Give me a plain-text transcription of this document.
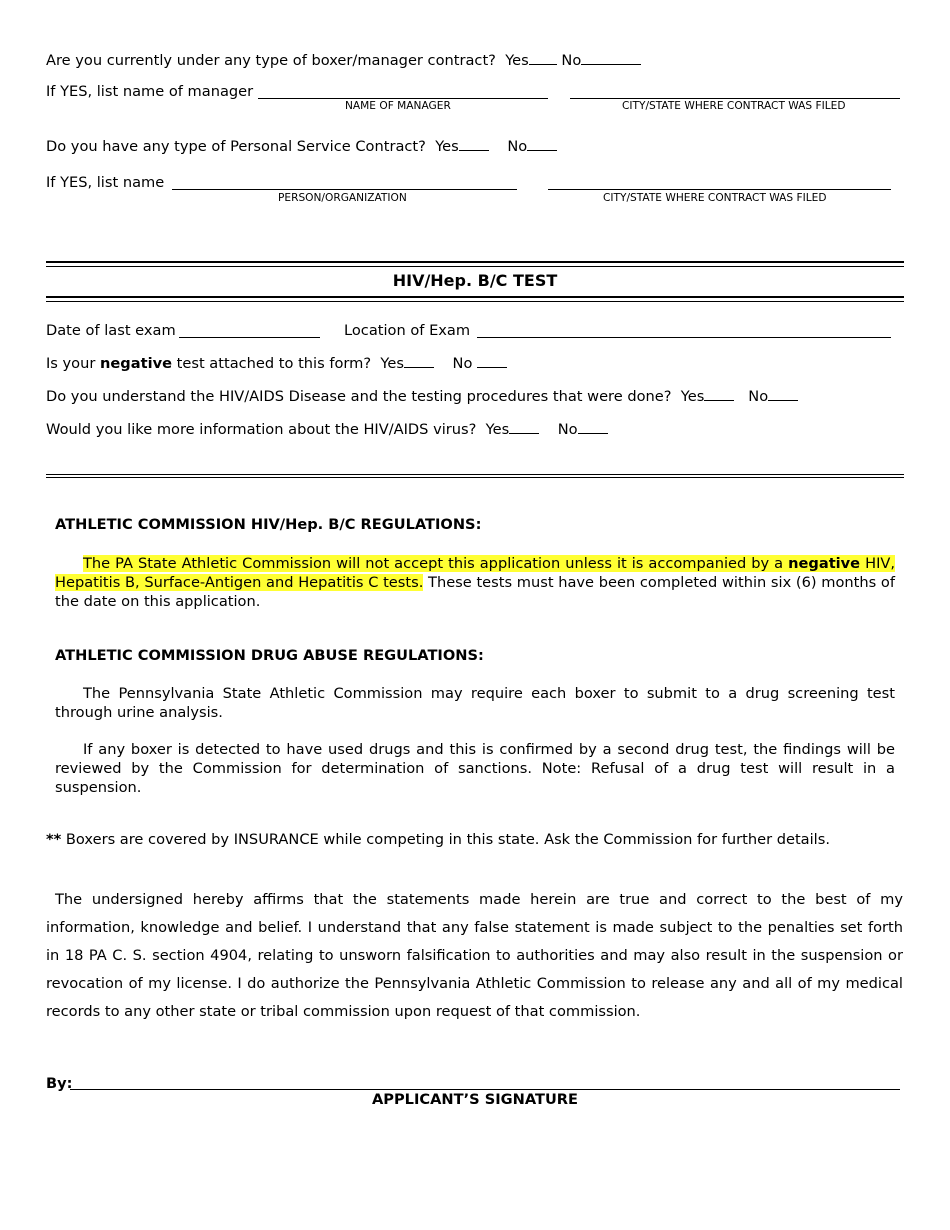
Are you currently under any type of boxer/manager contract? Yes No
If YES, list name of manager
NAME OF MANAGER	CITY/STATE WHERE CONTRACT WAS FILED
Do you have any type of Personal Service Contract? Yes	No
If YES, list name
PERSON/ORGANIZATION	CITY/STATE WHERE CONTRACT WAS FILED
HIV/Hep. B/C TEST
Date of last exam	Location of Exam
Is your negative test attached to this form? Yes	No
Do you understand the HIV/AIDS Disease and the testing procedures that were done? Yes	No
Would you like more information about the HIV/AIDS virus? Yes	No
ATHLETIC COMMISSION HIV/Hep. B/C REGULATIONS:
The PA State Athletic Commission will not accept this application unless it is accompanied by a negative HIV, Hepatitis B, Surface-Antigen and Hepatitis C tests. These tests must have been completed within six (6) months of the date on this application.
ATHLETIC COMMISSION DRUG ABUSE REGULATIONS:
The Pennsylvania State Athletic Commission may require each boxer to submit to a drug screening test through urine analysis.
If any boxer is detected to have used drugs and this is confirmed by a second drug test, the findings will be reviewed by the Commission for determination of sanctions. Note: Refusal of a drug test will result in a suspension.
** Boxers are covered by INSURANCE while competing in this state. Ask the Commission for further details.
The undersigned hereby affirms that the statements made herein are true and correct to the best of my information, knowledge and belief. I understand that any false statement is made subject to the penalties set forth in 18 PA C. S. section 4904, relating to unsworn falsification to authorities and may also result in the suspension or revocation of my license. I do authorize the Pennsylvania Athletic Commission to release any and all of my medical records to any other state or tribal commission upon request of that commission.
By:
APPLICANT’S SIGNATURE
